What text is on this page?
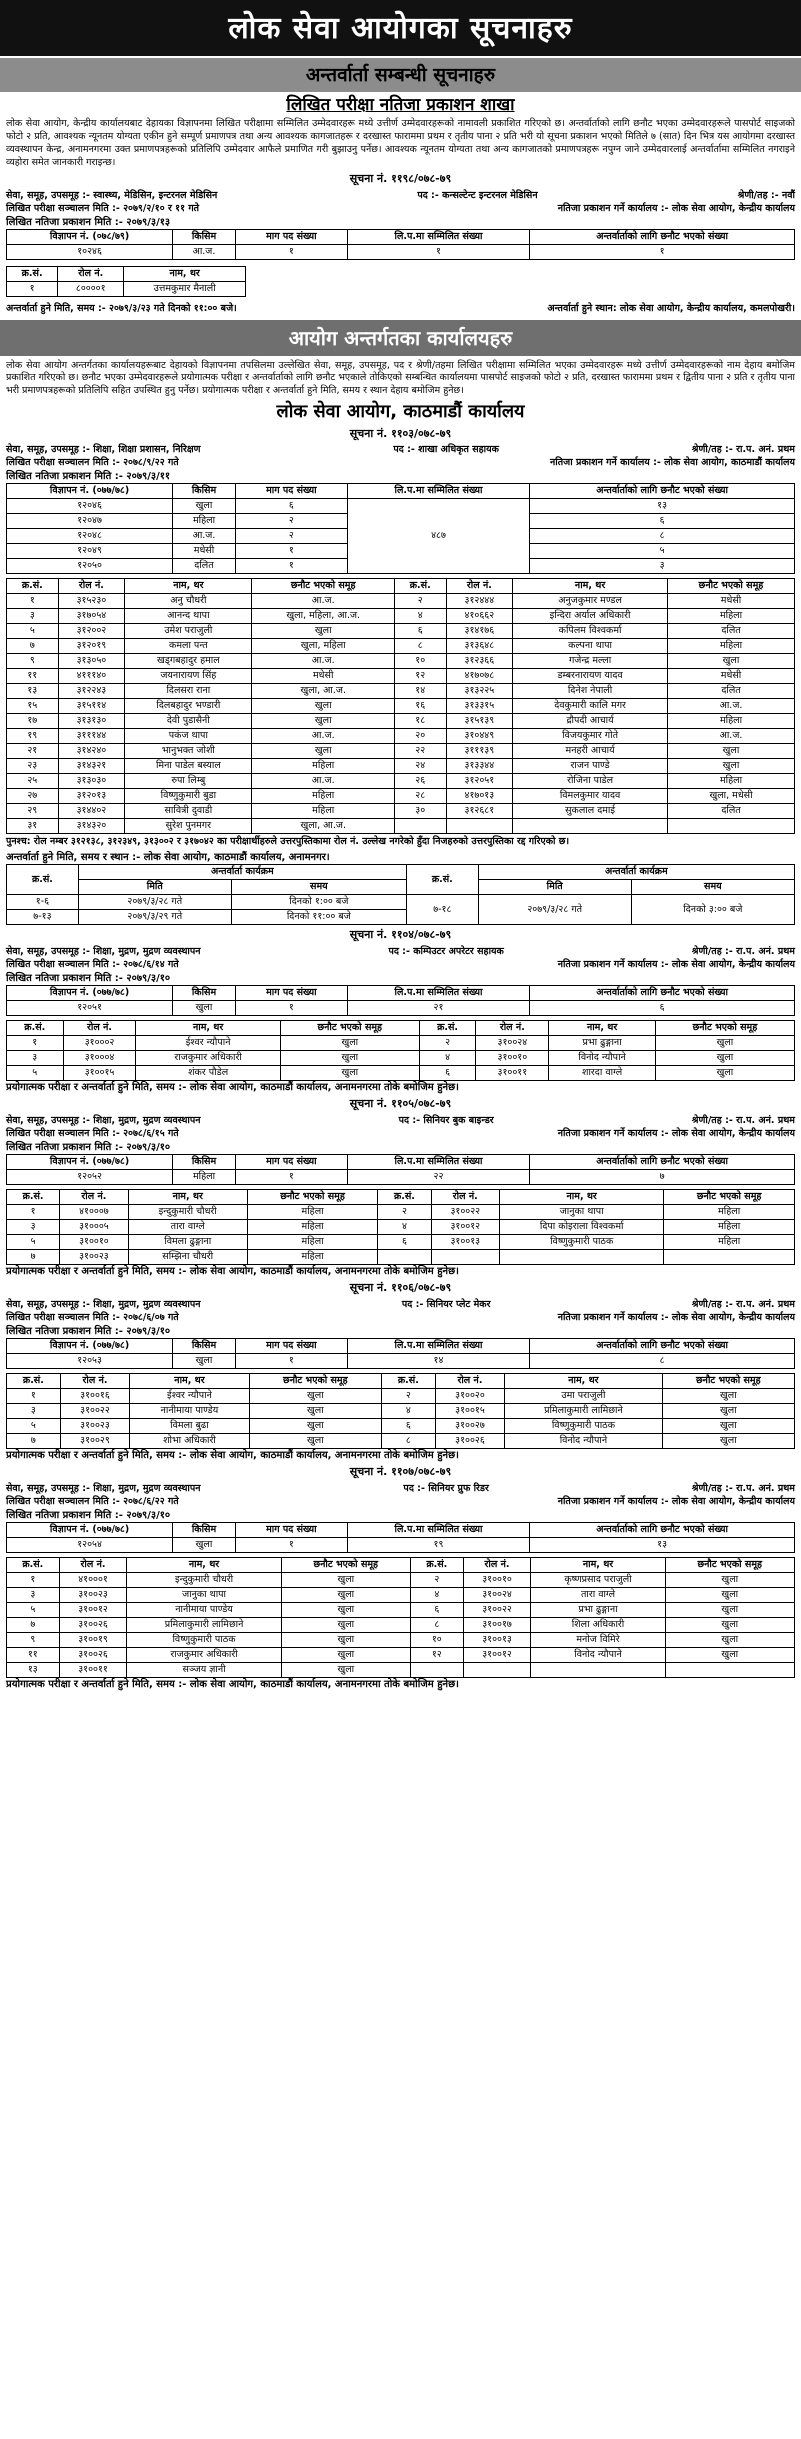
लोक सेवा आयोगका सूचनाहरु
अन्तर्वार्ता सम्बन्धी सूचनाहरु
लिखित परीक्षा नतिजा प्रकाशन शाखा

लोक सेवा आयोग, केन्द्रीय कार्यालयबाट देहायका विज्ञापनमा लिखित परीक्षामा सम्मिलित उम्मेदवारहरू मध्ये उत्तीर्ण उम्मेदवारहरूको नामावली प्रकाशित गरिएको छ। अन्तर्वार्ताको लागि छनौट भएका उम्मेदवारहरूले पासपोर्ट साइजको फोटो २ प्रति, आवश्यक न्यूनतम योग्यता एकीन हुने सम्पूर्ण प्रमाणपत्र तथा अन्य आवश्यक कागजातहरू र दरखास्त फाराममा प्रथम र तृतीय पाना २ प्रति भरी यो सूचना प्रकाशन भएको मितिले ७ (सात) दिन भित्र यस आयोगमा दरखास्त व्यवस्थापन केन्द्र, अनामनगरमा उक्त प्रमाणपत्रहरूको प्रतिलिपि उम्मेदवार आफैले प्रमाणित गरी बुझाउनु पर्नेछ। आवश्यक न्यूनतम योग्यता तथा अन्य कागजातको प्रमाणपत्रहरू नपुग्न जाने उम्मेदवारलाई अन्तर्वार्तामा सम्मिलित नगराइने व्यहोरा समेत जानकारी गराइन्छ।

सूचना नं. ११९८/०७८-७९
सेवा, समूह, उपसमूह :- स्वास्थ्य, मेडिसिन, इन्टरनल मेडिसिन	पद :- कन्सल्टेन्ट इन्टरनल मेडिसिन	श्रेणी/तह :- नवौं
लिखित परीक्षा सञ्चालन मिति :- २०७९/२/१० र ११ गते	नतिजा प्रकाशन गर्ने कार्यालय :- लोक सेवा आयोग, केन्द्रीय कार्यालय
लिखित नतिजा प्रकाशन मिति :- २०७९/३/१३
विज्ञापन नं. (०७८/७९)	किसिम	माग पद संख्या	लि.प.मा सम्मिलित संख्या	अन्तर्वार्ताको लागि छनौट भएको संख्या
१०२४६	आ.ज.	१	१	१
क्र.सं.	रोल नं.	नाम, थर
१	८००००१	उत्तमकुमार मैनाली
अन्तर्वार्ता हुने मिति, समय :- २०७९/३/२३ गते दिनको ११:०० बजे।	अन्तर्वार्ता हुने स्थान: लोक सेवा आयोग, केन्द्रीय कार्यालय, कमलपोखरी।
आयोग अन्तर्गतका कार्यालयहरु

लोक सेवा आयोग अन्तर्गतका कार्यालयहरूबाट देहायको विज्ञापनमा तपसिलमा उल्लेखित सेवा, समूह, उपसमूह, पद र श्रेणी/तहमा लिखित परीक्षामा सम्मिलित भएका उम्मेदवारहरू मध्ये उत्तीर्ण उम्मेदवारहरूको नाम देहाय बमोजिम प्रकाशित गरिएको छ। छनौट भएका उम्मेदवारहरूले प्रयोगात्मक परीक्षा र अन्तर्वार्ताको लागि छनौट भएकाले तोकिएको सम्बन्धित कार्यालयमा पासपोर्ट साइजको फोटो २ प्रति, दरखास्त फाराममा प्रथम र द्वितीय पाना २ प्रति र तृतीय पाना भरी प्रमाणपत्रहरूको प्रतिलिपि सहित उपस्थित हुनु पर्नेछ। प्रयोगात्मक परीक्षा र अन्तर्वार्ता हुने मिति, समय र स्थान देहाय बमोजिम हुनेछ।

लोक सेवा आयोग, काठमाडौं कार्यालय
सूचना नं. ११०३/०७८-७९
सेवा, समूह, उपसमूह :- शिक्षा, शिक्षा प्रशासन, निरिक्षण	पद :- शाखा अधिकृत सहायक	श्रेणी/तह :- रा.प. अनं. प्रथम
लिखित परीक्षा सञ्चालन मिति :- २०७८/९/२२ गते	नतिजा प्रकाशन गर्ने कार्यालय :- लोक सेवा आयोग, काठमाडौं कार्यालय
लिखित नतिजा प्रकाशन मिति :- २०७९/३/११
विज्ञापन नं. (०७७/७८)	किसिम	माग पद संख्या	लि.प.मा सम्मिलित संख्या	अन्तर्वार्ताको लागि छनौट भएको संख्या
१२०४६	खुला	६	४८७	१३
१२०४७	महिला	२		६
१२०४८	आ.ज.	२		८
१२०४९	मधेसी	१		५
१२०५०	दलित	१		३
क्र.सं.	रोल नं.	नाम, थर	छनौट भएको समूह	क्र.सं.	रोल नं.	नाम, थर	छनौट भएको समूह
१	३१५२३०	अनु चौधरी	आ.ज.	२	३१२४४४	अनुजकुमार मण्डल	मधेसी
३	३१७०५४	आनन्द थापा	खुला, महिला, आ.ज.	४	४१०६६२	इन्दिरा अर्याल अधिकारी	महिला
५	३१२००२	उमेश पराजुली	खुला	६	३१४१७६	कपिलम विश्वकर्मा	दलित
७	३१२०१९	कमला पन्त	खुला, महिला	८	३१३६४८	कल्पना थापा	महिला
९	३१३०५०	खड्गबहादुर हमाल	आ.ज.	१०	३१२३६६	गजेन्द्र मल्ला	खुला
११	४१११४०	जयनारायण सिंह	मधेसी	१२	४१७०७८	डम्बरनारायण यादव	मधेसी
१३	३१२२४३	दिलसरा राना	खुला, आ.ज.	१४	३१३२२५	दिनेश नेपाली	दलित
१५	३१५११४	दिलबहादुर भण्डारी	खुला	१६	३१३३१५	देवकुमारी कालि मगर	आ.ज.
१७	३१३१३०	देवी पुडासैनी	खुला	१८	३१५१३९	द्रौपदी आचार्य	महिला
१९	३१११४४	पकंज थापा	आ.ज.	२०	३१०४४९	विजयकुमार गोते	आ.ज.
२१	३१४२४०	भानुभक्त जोशी	खुला	२२	३१११३९	मनहरी आचार्य	खुला
२३	३१४३२१	मिना पाडेल बस्याल	महिला	२४	३१३३४४	राजन पाण्डे	खुला
२५	३१३०३०	रुपा लिम्बु	आ.ज.	२६	३१२०५१	रोजिना पाडेल	महिला
२७	३१२०१३	विष्णुकुमारी बुडा	महिला	२८	४१७०१३	विमलकुमार यादव	खुला, मधेसी
२९	३१४४०२	सावित्री दुवाडी	महिला	३०	३१२६८१	सुकलाल दमाई	दलित
३१	३१४३२०	सुरेश पुनमगर	खुला, आ.ज.				

पुनश्च: रोल नम्बर ३१२१३८, ३१२३४९, ३१३००२ र ३१७०४२ का परीक्षार्थीहरुले उत्तरपुस्तिकामा रोल नं. उल्लेख नगरेको हुँदा निजहरुको उत्तरपुस्तिका रद्द गरिएको छ।

अन्तर्वार्ता हुने मिति, समय र स्थान :- लोक सेवा आयोग, काठमाडौं कार्यालय, अनामनगर।
क्र.सं.	अन्तर्वार्ता कार्यक्रम		क्र.सं.	अन्तर्वार्ता कार्यक्रम	
	मिति	समय		मिति	समय
१-६	२०७९/३/२८ गते	दिनको १:०० बजे	७-१८	२०७९/३/२८ गते	दिनको ३:०० बजे
७-१३	२०७९/३/२९ गते	दिनको ११:०० बजे			
सूचना नं. ११०४/०७८-७९
सेवा, समूह, उपसमूह :- शिक्षा, मुद्रण, मुद्रण व्यवस्थापन	पद :- कम्पिउटर अपरेटर सहायक	श्रेणी/तह :- रा.प. अनं. प्रथम
लिखित परीक्षा सञ्चालन मिति :- २०७८/६/१४ गते	नतिजा प्रकाशन गर्ने कार्यालय :- लोक सेवा आयोग, केन्द्रीय कार्यालय
लिखित नतिजा प्रकाशन मिति :- २०७९/३/१०
विज्ञापन नं. (०७७/७८)	किसिम	माग पद संख्या	लि.प.मा सम्मिलित संख्या	अन्तर्वार्ताको लागि छनौट भएको संख्या
१२०५१	खुला	१	२१	६
क्र.सं.	रोल नं.	नाम, थर	छनौट भएको समूह	क्र.सं.	रोल नं.	नाम, थर	छनौट भएको समूह
१	३१०००२	ईश्वर न्यौपाने	खुला	२	३१००२४	प्रभा ढुङ्गाना	खुला
३	३१०००४	राजकुमार अधिकारी	खुला	४	३१००१०	विनोद न्यौपाने	खुला
५	३१००१५	शंकर पौडेल	खुला	६	३१००११	शारदा वाग्ले	खुला
प्रयोगात्मक परीक्षा र अन्तर्वार्ता हुने मिति, समय :- लोक सेवा आयोग, काठमाडौं कार्यालय, अनामनगरमा तोके बमोजिम हुनेछ।
सूचना नं. ११०५/०७८-७९
सेवा, समूह, उपसमूह :- शिक्षा, मुद्रण, मुद्रण व्यवस्थापन	पद :- सिनियर बुक बाइन्डर	श्रेणी/तह :- रा.प. अनं. प्रथम
लिखित परीक्षा सञ्चालन मिति :- २०७८/६/१५ गते	नतिजा प्रकाशन गर्ने कार्यालय :- लोक सेवा आयोग, केन्द्रीय कार्यालय
लिखित नतिजा प्रकाशन मिति :- २०७९/३/१०
विज्ञापन नं. (०७७/७८)	किसिम	माग पद संख्या	लि.प.मा सम्मिलित संख्या	अन्तर्वार्ताको लागि छनौट भएको संख्या
१२०५२	महिला	१	२२	७
क्र.सं.	रोल नं.	नाम, थर	छनौट भएको समूह	क्र.सं.	रोल नं.	नाम, थर	छनौट भएको समूह
१	४१०००७	इन्दुकुमारी चौधरी	महिला	२	३१००२२	जानुका थापा	महिला
३	३१०००५	तारा वाग्ले	महिला	४	३१००१२	दिपा कोइराला विश्वकर्मा	महिला
५	३१००१०	विमला ढुङ्गाना	महिला	६	३१००१३	विष्णुकुमारी पाठक	महिला
७	३१००२३	सम्झिना चौधरी	महिला				
प्रयोगात्मक परीक्षा र अन्तर्वार्ता हुने मिति, समय :- लोक सेवा आयोग, काठमाडौं कार्यालय, अनामनगरमा तोके बमोजिम हुनेछ।
सूचना नं. ११०६/०७८-७९
सेवा, समूह, उपसमूह :- शिक्षा, मुद्रण, मुद्रण व्यवस्थापन	पद :- सिनियर प्लेट मेकर	श्रेणी/तह :- रा.प. अनं. प्रथम
लिखित परीक्षा सञ्चालन मिति :- २०७८/६/०७ गते	नतिजा प्रकाशन गर्ने कार्यालय :- लोक सेवा आयोग, केन्द्रीय कार्यालय
लिखित नतिजा प्रकाशन मिति :- २०७९/३/१०
विज्ञापन नं. (०७७/७८)	किसिम	माग पद संख्या	लि.प.मा सम्मिलित संख्या	अन्तर्वार्ताको लागि छनौट भएको संख्या
१२०५३	खुला	१	१४	८
क्र.सं.	रोल नं.	नाम, थर	छनौट भएको समूह	क्र.सं.	रोल नं.	नाम, थर	छनौट भएको समूह
१	३१००१६	ईश्वर न्यौपाने	खुला	२	३१००२०	उमा पराजुली	खुला
३	३१००२२	नानीमाया पाण्डेय	खुला	४	३१००१५	प्रमिलाकुमारी लामिछाने	खुला
५	३१००२३	विमला बुढा	खुला	६	३१००२७	विष्णुकुमारी पाठक	खुला
७	३१००२९	शोभा अधिकारी	खुला	८	३१००२६	विनोद न्यौपाने	खुला
प्रयोगात्मक परीक्षा र अन्तर्वार्ता हुने मिति, समय :- लोक सेवा आयोग, काठमाडौं कार्यालय, अनामनगरमा तोके बमोजिम हुनेछ।
सूचना नं. ११०७/०७८-७९
सेवा, समूह, उपसमूह :- शिक्षा, मुद्रण, मुद्रण व्यवस्थापन	पद :- सिनियर प्रुफ रिडर	श्रेणी/तह :- रा.प. अनं. प्रथम
लिखित परीक्षा सञ्चालन मिति :- २०७८/६/२२ गते	नतिजा प्रकाशन गर्ने कार्यालय :- लोक सेवा आयोग, केन्द्रीय कार्यालय
लिखित नतिजा प्रकाशन मिति :- २०७९/३/१०
विज्ञापन नं. (०७७/७८)	किसिम	माग पद संख्या	लि.प.मा सम्मिलित संख्या	अन्तर्वार्ताको लागि छनौट भएको संख्या
१२०५४	खुला	१	१९	१३
क्र.सं.	रोल नं.	नाम, थर	छनौट भएको समूह	क्र.सं.	रोल नं.	नाम, थर	छनौट भएको समूह
१	४१०००१	इन्दुकुमारी चौधरी	खुला	२	३१००१०	कृष्णप्रसाद पराजुली	खुला
३	३१००२३	जानुका थापा	खुला	४	३१००२४	तारा वाग्ले	खुला
५	३१००१२	नानीमाया पाण्डेय	खुला	६	३१००२२	प्रभा ढुङ्गाना	खुला
७	३१००२६	प्रमिलाकुमारी लामिछाने	खुला	८	३१००१७	शिला अधिकारी	खुला
९	३१००१९	विष्णुकुमारी पाठक	खुला	१०	३१००१३	मनोज विमिरे	खुला
११	३१००२६	राजकुमार अधिकारी	खुला	१२	३१००१२	विनोद न्यौपाने	खुला
१३	३१००११	सञ्जय ज्ञानी	खुला				
प्रयोगात्मक परीक्षा र अन्तर्वार्ता हुने मिति, समय :- लोक सेवा आयोग, काठमाडौं कार्यालय, अनामनगरमा तोके बमोजिम हुनेछ।
